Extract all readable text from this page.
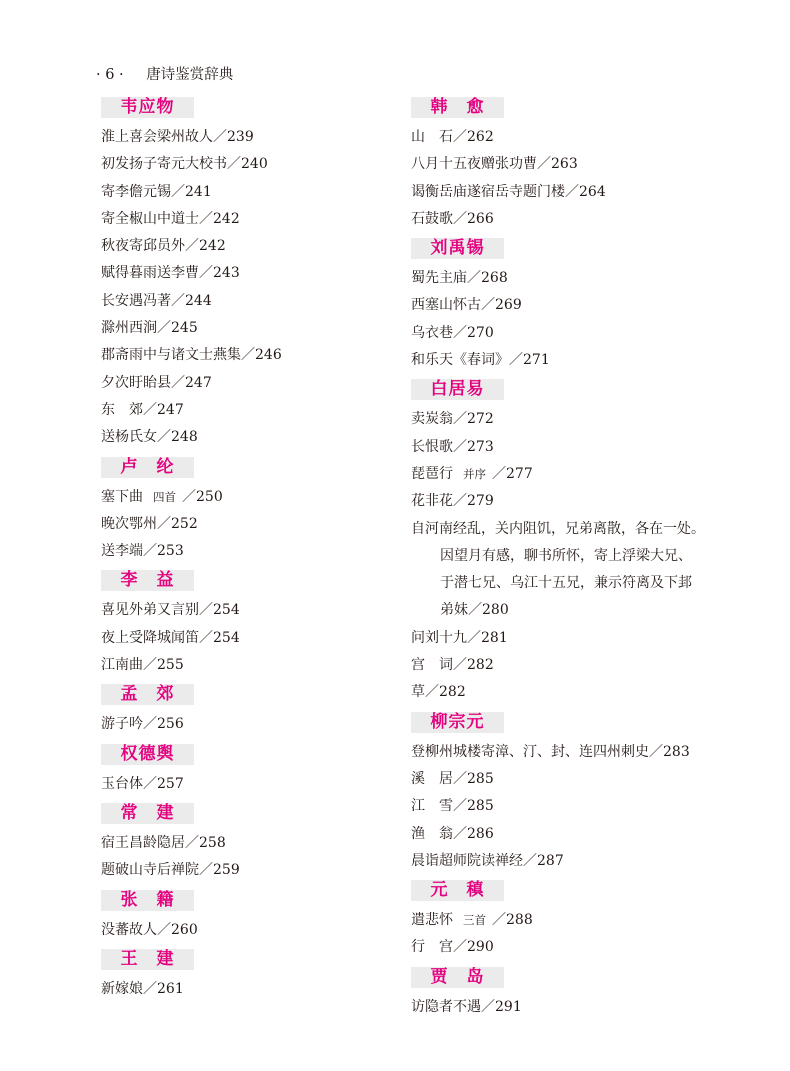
· 6 · 唐诗鉴赏辞典
韦应物
淮上喜会梁州故人／239
初发扬子寄元大校书／240
寄李儋元锡／241
寄全椒山中道士／242
秋夜寄邱员外／242
赋得暮雨送李曹／243
长安遇冯著／244
滁州西涧／245
郡斋雨中与诸文士燕集／246
夕次盱眙县／247
东　郊／247
送杨氏女／248
卢　纶
塞下曲 四首 ／250
晚次鄂州／252
送李端／253
李　益
喜见外弟又言别／254
夜上受降城闻笛／254
江南曲／255
孟　郊
游子吟／256
权德舆
玉台体／257
常　建
宿王昌龄隐居／258
题破山寺后禅院／259
张　籍
没蕃故人／260
王　建
新嫁娘／261
韩　愈
山　石／262
八月十五夜赠张功曹／263
谒衡岳庙遂宿岳寺题门楼／264
石鼓歌／266
刘禹锡
蜀先主庙／268
西塞山怀古／269
乌衣巷／270
和乐天《春词》／271
白居易
卖炭翁／272
长恨歌／273
琵琶行 并序 ／277
花非花／279
自河南经乱，关内阻饥，兄弟离散，各在一处。
因望月有感，聊书所怀，寄上浮梁大兄、
于潜七兄、乌江十五兄，兼示符离及下邽
弟妹／280
问刘十九／281
宫　词／282
草／282
柳宗元
登柳州城楼寄漳、汀、封、连四州刺史／283
溪　居／285
江　雪／285
渔　翁／286
晨诣超师院读禅经／287
元　稹
遣悲怀 三首 ／288
行　宫／290
贾　岛
访隐者不遇／291
